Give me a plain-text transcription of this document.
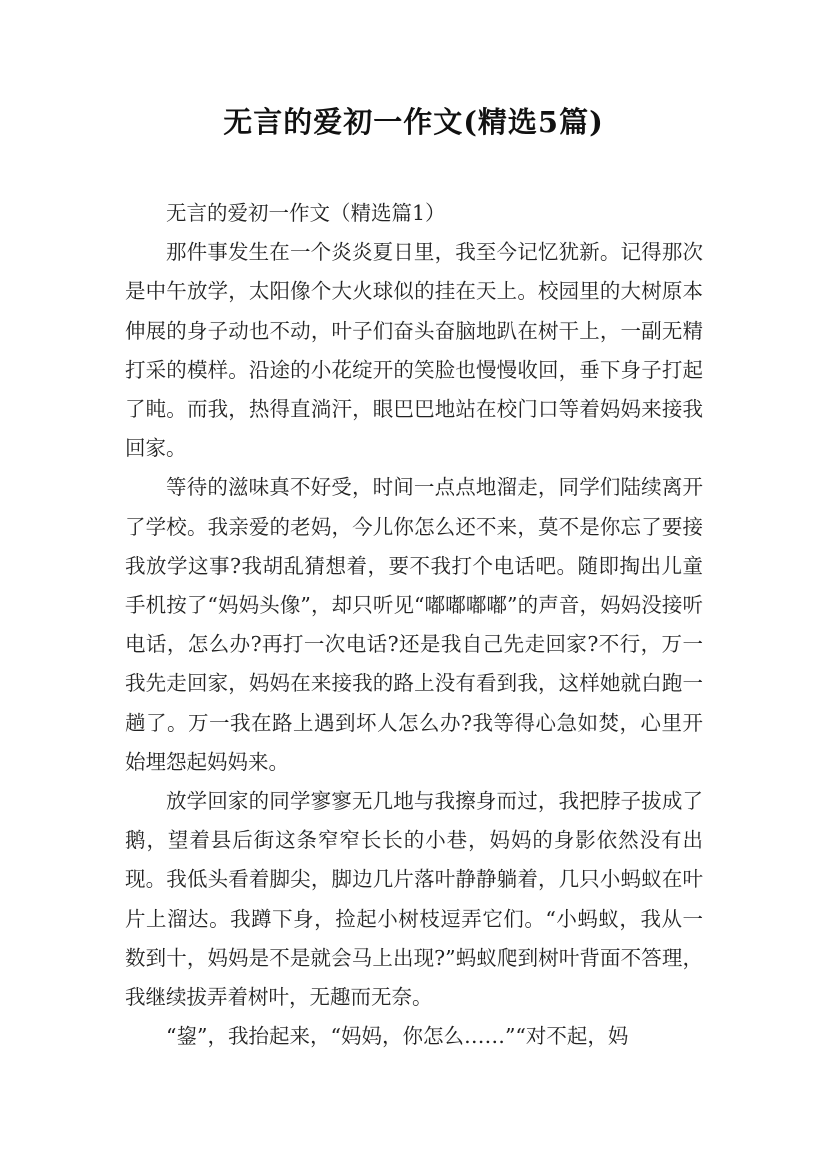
无言的爱初一作文(精选5篇)

无言的爱初一作文（精选篇1）

那件事发生在一个炎炎夏日里，我至今记忆犹新。记得那次是中午放学，太阳像个大火球似的挂在天上。校园里的大树原本伸展的身子动也不动，叶子们奋头奋脑地趴在树干上，一副无精打采的模样。沿途的小花绽开的笑脸也慢慢收回，垂下身子打起了盹。而我，热得直淌汗，眼巴巴地站在校门口等着妈妈来接我回家。

等待的滋味真不好受，时间一点点地溜走，同学们陆续离开了学校。我亲爱的老妈，今儿你怎么还不来，莫不是你忘了要接我放学这事?我胡乱猜想着，要不我打个电话吧。随即掏出儿童手机按了“妈妈头像”，却只听见“嘟嘟嘟嘟”的声音，妈妈没接听电话，怎么办?再打一次电话?还是我自己先走回家?不行，万一我先走回家，妈妈在来接我的路上没有看到我，这样她就白跑一趟了。万一我在路上遇到坏人怎么办?我等得心急如焚，心里开始埋怨起妈妈来。

放学回家的同学寥寥无几地与我擦身而过，我把脖子拔成了鹅，望着县后街这条窄窄长长的小巷，妈妈的身影依然没有出现。我低头看着脚尖，脚边几片落叶静静躺着，几只小蚂蚁在叶片上溜达。我蹲下身，捡起小树枝逗弄它们。“小蚂蚁，我从一数到十，妈妈是不是就会马上出现?”蚂蚁爬到树叶背面不答理，我继续拔弄着树叶，无趣而无奈。

“鋆”，我抬起来，“妈妈，你怎么……”“对不起，妈
